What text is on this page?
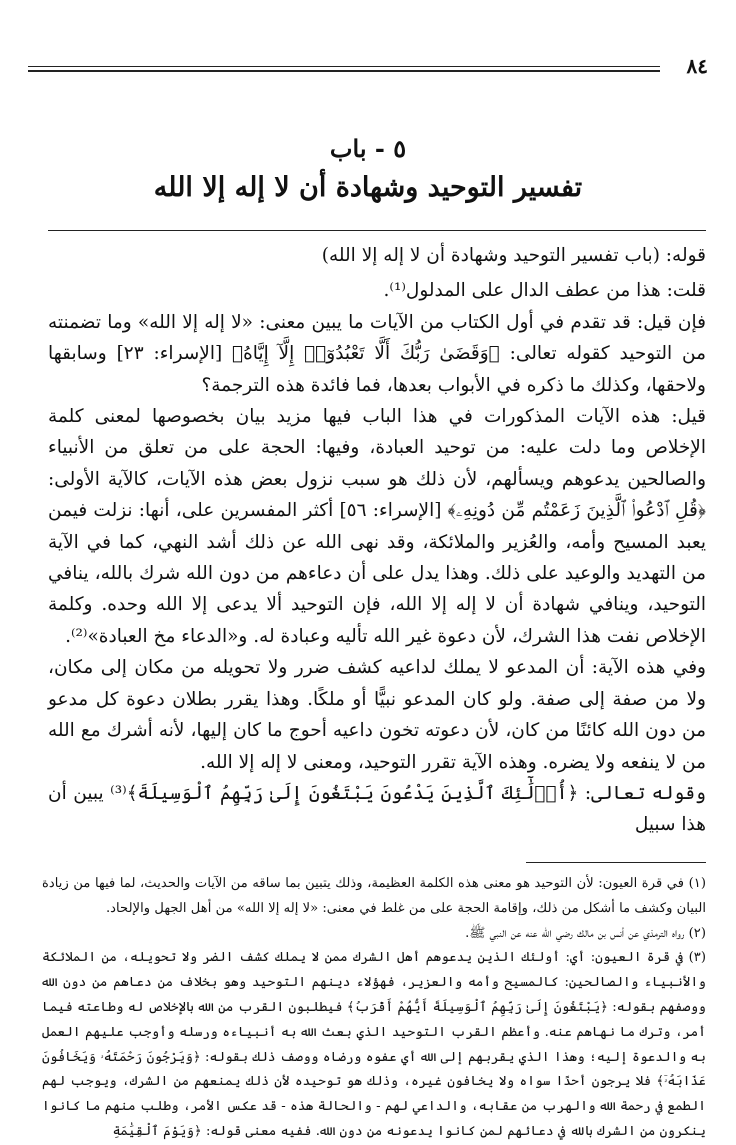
٨٤
٥ - باب
تفسير التوحيد وشهادة أن لا إله إلا الله

قوله: (باب تفسير التوحيد وشهادة أن لا إله إلا الله)

قلت: هذا من عطف الدال على المدلول⁽¹⁾.

فإن قيل: قد تقدم في أول الكتاب من الآيات ما يبين معنى: «لا إله إلا الله» وما تضمنته من التوحيد كقوله تعالى: ﴿وَقَضَىٰ رَبُّكَ أَلَّا تَعْبُدُوٓا۟ إِلَّآ إِيَّاهُ﴾ [الإسراء: ٢٣] وسابقها ولاحقها، وكذلك ما ذكره في الأبواب بعدها، فما فائدة هذه الترجمة؟

قيل: هذه الآيات المذكورات في هذا الباب فيها مزيد بيان بخصوصها لمعنى كلمة الإخلاص وما دلت عليه: من توحيد العبادة، وفيها: الحجة على من تعلق من الأنبياء والصالحين يدعوهم ويسألهم، لأن ذلك هو سبب نزول بعض هذه الآيات، كالآية الأولى: ﴿قُلِ ٱدْعُوا۟ ٱلَّذِينَ زَعَمْتُم مِّن دُونِهِۦ﴾ [الإسراء: ٥٦] أكثر المفسرين على، أنها: نزلت فيمن يعبد المسيح وأمه، والعُزير والملائكة، وقد نهى الله عن ذلك أشد النهي، كما في الآية من التهديد والوعيد على ذلك. وهذا يدل على أن دعاءهم من دون الله شرك بالله، ينافي التوحيد، وينافي شهادة أن لا إله إلا الله، فإن التوحيد ألا يدعى إلا الله وحده. وكلمة الإخلاص نفت هذا الشرك، لأن دعوة غير الله تأليه وعبادة له. و«الدعاء مخ العبادة»⁽²⁾.

وفي هذه الآية: أن المدعو لا يملك لداعيه كشف ضرر ولا تحويله من مكان إلى مكان، ولا من صفة إلى صفة. ولو كان المدعو نبيًّا أو ملكًا. وهذا يقرر بطلان دعوة كل مدعو من دون الله كائنًا من كان، لأن دعوته تخون داعيه أحوج ما كان إليها، لأنه أشرك مع الله من لا ينفعه ولا يضره. وهذه الآية تقرر التوحيد، ومعنى لا إله إلا الله.

وقوله تعالى: ﴿أُو۟لَٰٓئِكَ ٱلَّذِينَ يَدْعُونَ يَبْتَغُونَ إِلَىٰ رَبِّهِمُ ٱلْوَسِيلَةَ﴾⁽³⁾ يبين أن هذا سبيل

(١) في قرة العيون: لأن التوحيد هو معنى هذه الكلمة العظيمة، وذلك يتبين بما ساقه من الآيات والحديث، لما فيها من زيادة البيان وكشف ما أشكل من ذلك، وإقامة الحجة على من غلط في معنى: «لا إله إلا الله» من أهل الجهل والإلحاد.

(٢) رواه الترمذي عن أنس بن مالك رضي الله عنه عن النبي ﷺ.

(٣) في قرة العيون: أي: أولئك الذين يدعوهم أهل الشرك ممن لا يملك كشف الضر ولا تحويله، من الملائكة والأنبياء والصالحين: كالمسيح وأمه والعزير، فهؤلاء دينهم التوحيد وهو بخلاف من دعاهم من دون الله ووصفهم بقوله: ﴿يَبْتَغُونَ إِلَىٰ رَبِّهِمُ ٱلْوَسِيلَةَ أَيُّهُمْ أَقْرَبُ﴾ فيطلبون القرب من الله بالإخلاص له وطاعته فيما أمر، وترك ما نهاهم عنه. وأعظم القرب التوحيد الذي بعث الله به أنبياءه ورسله وأوجب عليهم العمل به والدعوة إليه؛ وهذا الذي يقربهم إلى الله أي عفوه ورضاه ووصف ذلك بقوله: ﴿وَيَرْجُونَ رَحْمَتَهُۥ وَيَخَافُونَ عَذَابَهُۥٓ﴾ فلا يرجون أحدًا سواه ولا يخافون غيره، وذلك هو توحيده لأن ذلك يمنعهم من الشرك، ويوجب لهم الطمع في رحمة الله والهرب من عقابه، والداعي لهم - والحالة هذه - قد عكس الأمر، وطلب منهم ما كانوا ينكرون من الشرك بالله في دعائهم لمن كانوا يدعونه من دون الله. ففيه معنى قوله: ﴿وَيَوْمَ ٱلْقِيَٰمَةِ
